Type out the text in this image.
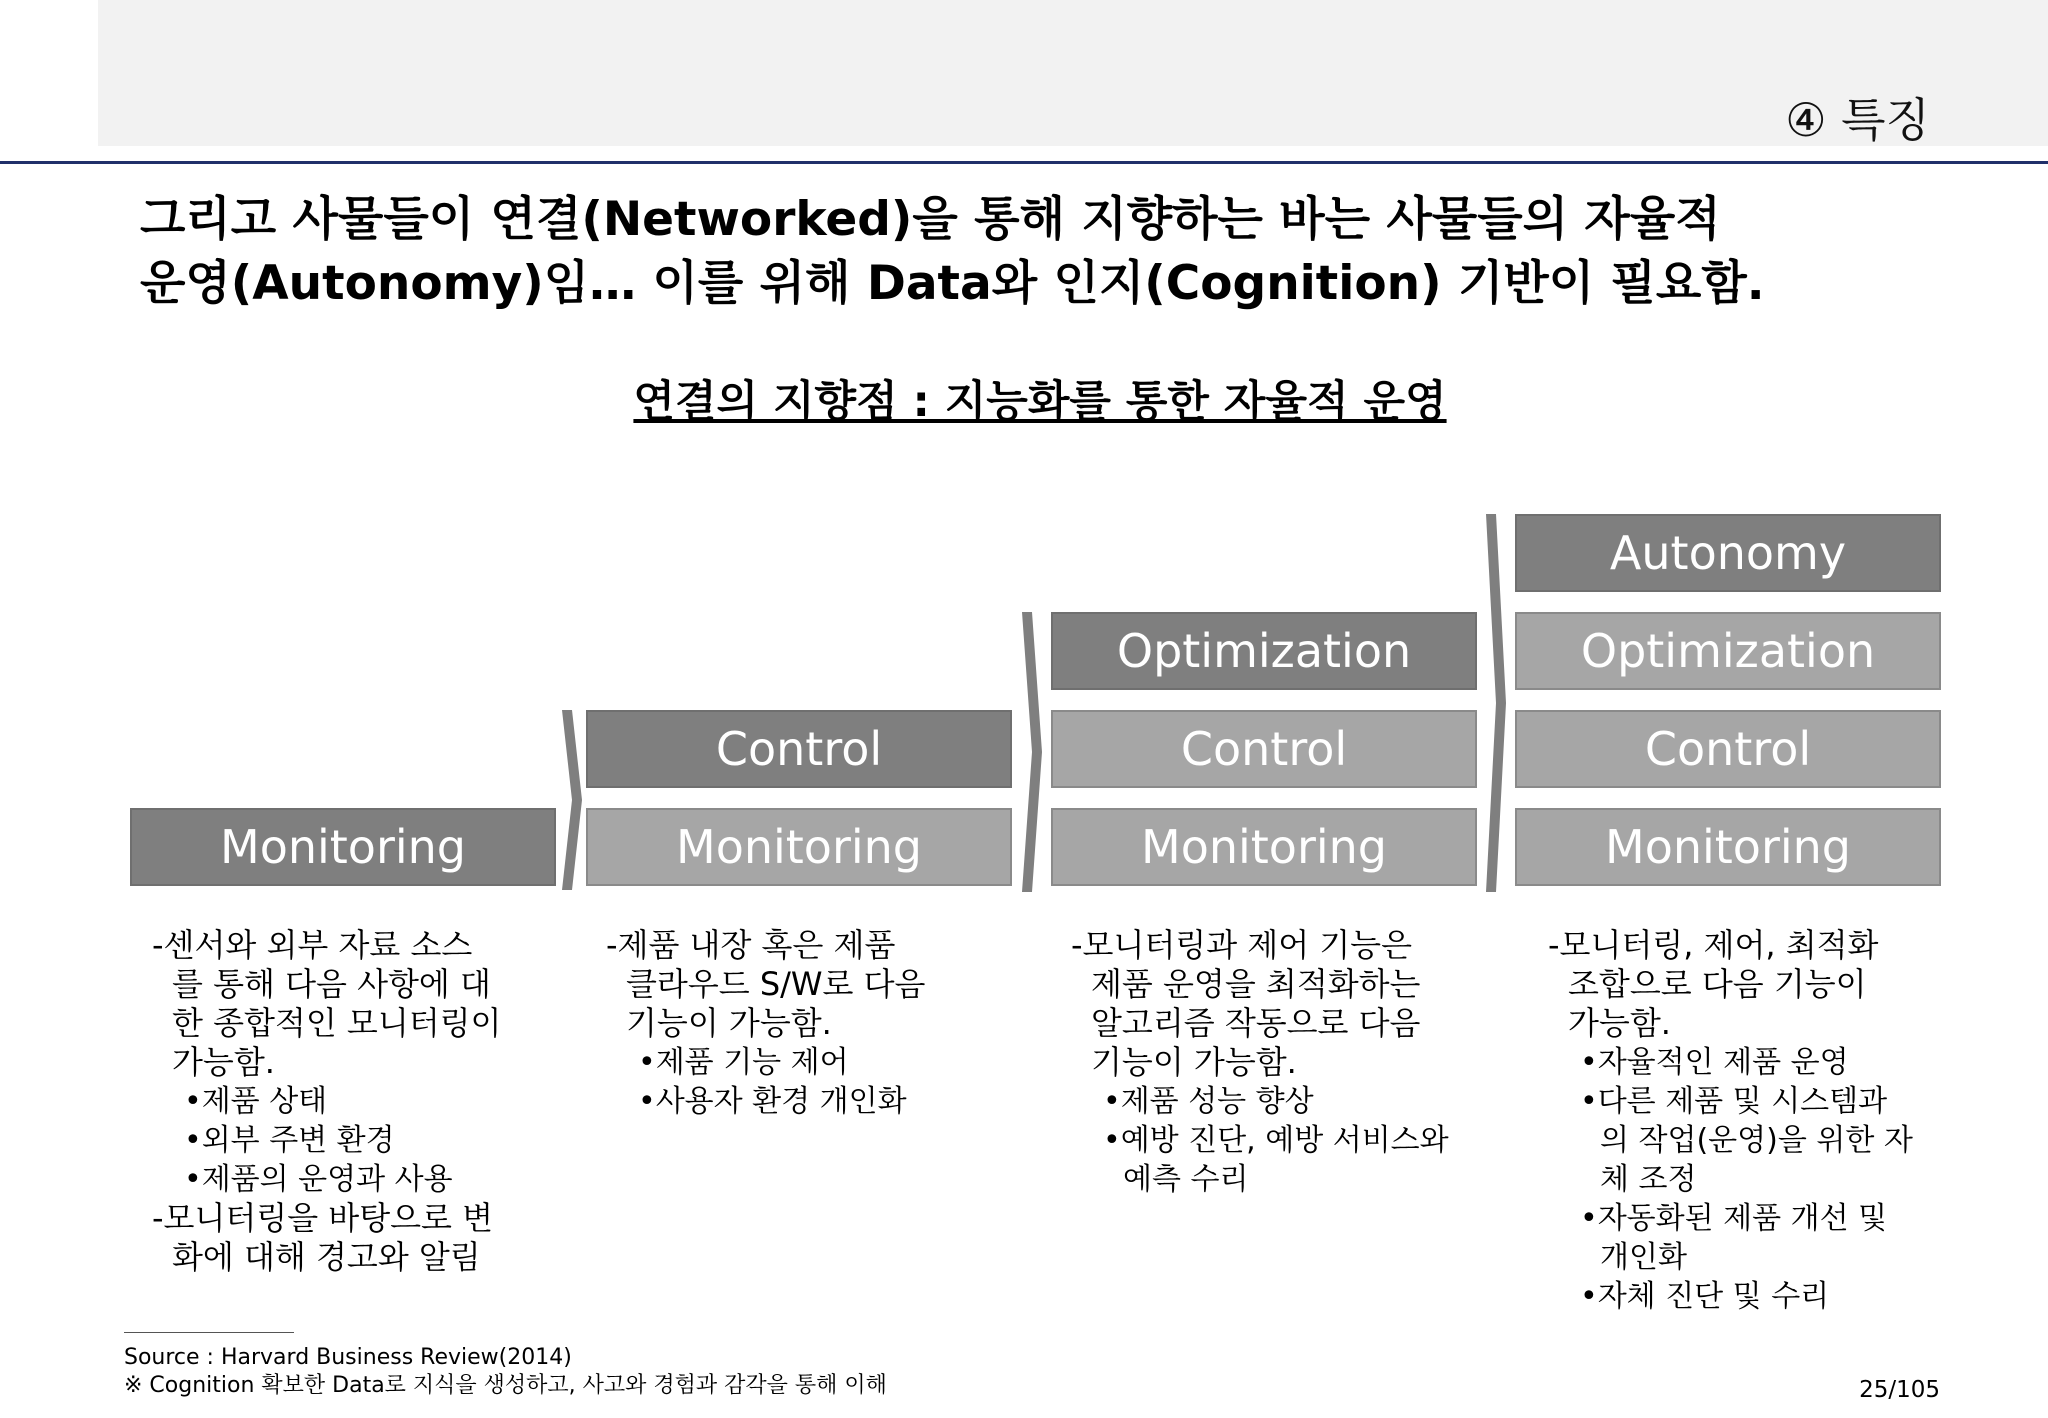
④ 특징
그리고 사물들이 연결(Networked)을 통해 지향하는 바는 사물들의 자율적
운영(Autonomy)임… 이를 위해 Data와 인지(Cognition) 기반이 필요함.
연결의 지향점 : 지능화를 통한 자율적 운영
Monitoring
Control
Monitoring
Optimization
Control
Monitoring
Autonomy
Optimization
Control
Monitoring
-센서와 외부 자료 소스
를 통해 다음 사항에 대
한 종합적인 모니터링이
가능함.
•제품 상태
•외부 주변 환경
•제품의 운영과 사용
-모니터링을 바탕으로 변
화에 대해 경고와 알림
-제품 내장 혹은 제품
클라우드 S/W로 다음
기능이 가능함.
•제품 기능 제어
•사용자 환경 개인화
-모니터링과 제어 기능은
제품 운영을 최적화하는
알고리즘 작동으로 다음
기능이 가능함.
•제품 성능 향상
•예방 진단, 예방 서비스와
예측 수리
-모니터링, 제어, 최적화
조합으로 다음 기능이
가능함.
•자율적인 제품 운영
•다른 제품 및 시스템과
의 작업(운영)을 위한 자
체 조정
•자동화된 제품 개선 및
개인화
•자체 진단 및 수리
Source : Harvard Business Review(2014)
※ Cognition 확보한 Data로 지식을 생성하고, 사고와 경험과 감각을 통해 이해	25/105
